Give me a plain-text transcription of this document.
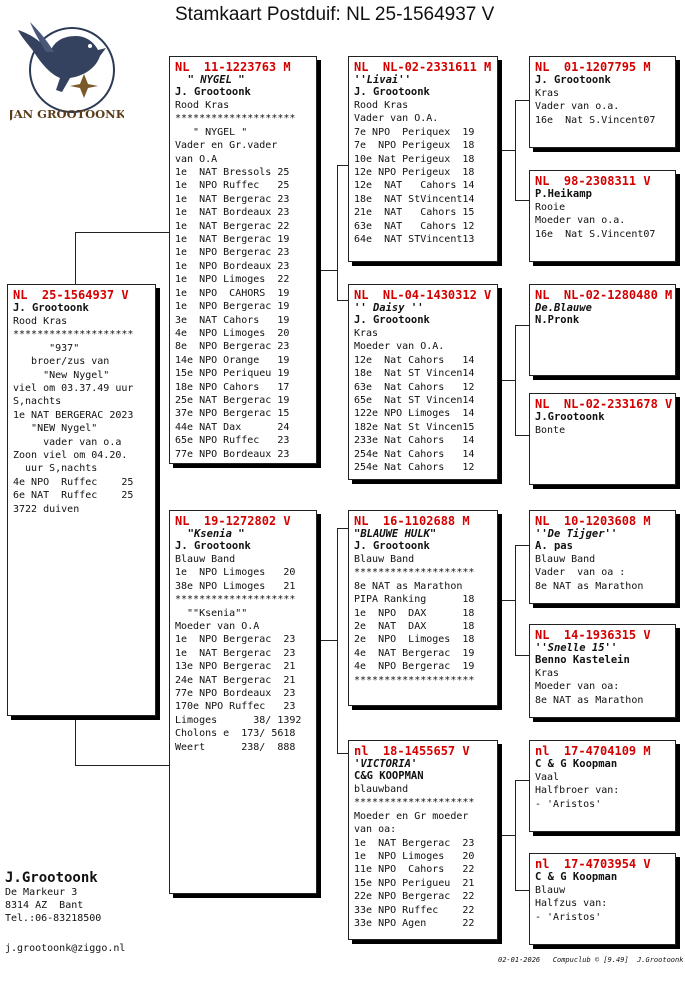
Stamkaart Postduif: NL 25-1564937 V
JAN GROOTOONK
NL  25-1564937 V
J. Grootoonk
Rood Kras
********************
"937"
broer/zus van
"New Nygel"
viel om 03.37.49 uur
S,nachts
1e NAT BERGERAC 2023
"NEW Nygel"
vader van o.a
Zoon viel om 04.20.
uur S,nachts
4e NPO  Ruffec    25
6e NAT  Ruffec    25
3722 duiven
NL  11-1223763 M
" NYGEL "
J. Grootoonk
Rood Kras
********************
" NYGEL "
Vader en Gr.vader
van O.A
1e  NAT Bressols 25
1e  NPO Ruffec   25
1e  NAT Bergerac 23
1e  NAT Bordeaux 23
1e  NAT Bergerac 22
1e  NAT Bergerac 19
1e  NPO Bergerac 23
1e  NPO Bordeaux 23
1e  NPO Limoges  22
1e  NPO  CAHORS  19
1e  NPO Bergerac 19
3e  NAT Cahors   19
4e  NPO Limoges  20
8e  NPO Bergerac 23
14e NPO Orange   19
15e NPO Periqueu 19
18e NPO Cahors   17
25e NAT Bergerac 19
37e NPO Bergerac 15
44e NAT Dax      24
65e NPO Ruffec   23
77e NPO Bordeaux 23
NL  19-1272802 V
"Ksenia "
J. Grootoonk
Blauw Band
1e  NPO Limoges   20
38e NPO Limoges   21
********************
""Ksenia""
Moeder van O.A
1e  NPO Bergerac  23
1e  NAT Bergerac  23
13e NPO Bergerac  21
24e NAT Bergerac  21
77e NPO Bordeaux  23
170e NPO Ruffec   23
Limoges      38/ 1392
Cholons e  173/ 5618
Weert      238/  888
NL  NL-02-2331611 M
''Livai''
J. Grootoonk
Rood Kras
Vader van O.A.
7e NPO  Periquex  19
7e  NPO Perigeux  18
10e Nat Perigeux  18
12e NPO Perigeux  18
12e  NAT   Cahors 14
18e  NAT StVincent14
21e  NAT   Cahors 15
63e  NAT   Cahors 12
64e  NAT STVincent13
NL  NL-04-1430312 V
'' Daisy ''
J. Grootoonk
Kras
Moeder van O.A.
12e  Nat Cahors   14
18e  Nat ST Vincen14
63e  Nat Cahors   12
65e  Nat ST Vincen14
122e NPO Limoges  14
182e Nat St Vincen15
233e Nat Cahors   14
254e Nat Cahors   14
254e Nat Cahors   12
NL  16-1102688 M
"BLAUWE HULK"
J. Grootoonk
Blauw Band
********************
8e NAT as Marathon
PIPA Ranking      18
1e  NPO  DAX      18
2e  NAT  DAX      18
2e  NPO  Limoges  18
4e  NAT Bergerac  19
4e  NPO Bergerac  19
********************
nl  18-1455657 V
'VICTORIA'
C&G KOOPMAN
blauwband
********************
Moeder en Gr moeder
van oa:
1e  NAT Bergerac  23
1e  NPO Limoges   20
11e NPO  Cahors   22
15e NPO Perigueu  21
22e NPO Bergerac  22
33e NPO Ruffec    22
33e NPO Agen      22
NL  01-1207795 M
J. Grootoonk
Kras
Vader van o.a.
16e  Nat S.Vincent07
NL  98-2308311 V
P.Heikamp
Rooie
Moeder van o.a.
16e  Nat S.Vincent07
NL  NL-02-1280480 M
De.Blauwe
N.Pronk
NL  NL-02-2331678 V
J.Grootoonk
Bonte
NL  10-1203608 M
''De Tijger''
A. pas
Blauw Band
Vader  van oa :
8e NAT as Marathon
NL  14-1936315 V
''Snelle 15''
Benno Kastelein
Kras
Moeder van oa:
8e NAT as Marathon
nl  17-4704109 M
C & G Koopman
Vaal
Halfbroer van:
- 'Aristos'
nl  17-4703954 V
C & G Koopman
Blauw
Halfzus van:
- 'Aristos'
J.Grootoonk
De Markeur 3
8314 AZ  Bant
Tel.:06-83218500
j.grootoonk@ziggo.nl
02-01-2026   Compuclub © [9.49]  J.Grootoonk
